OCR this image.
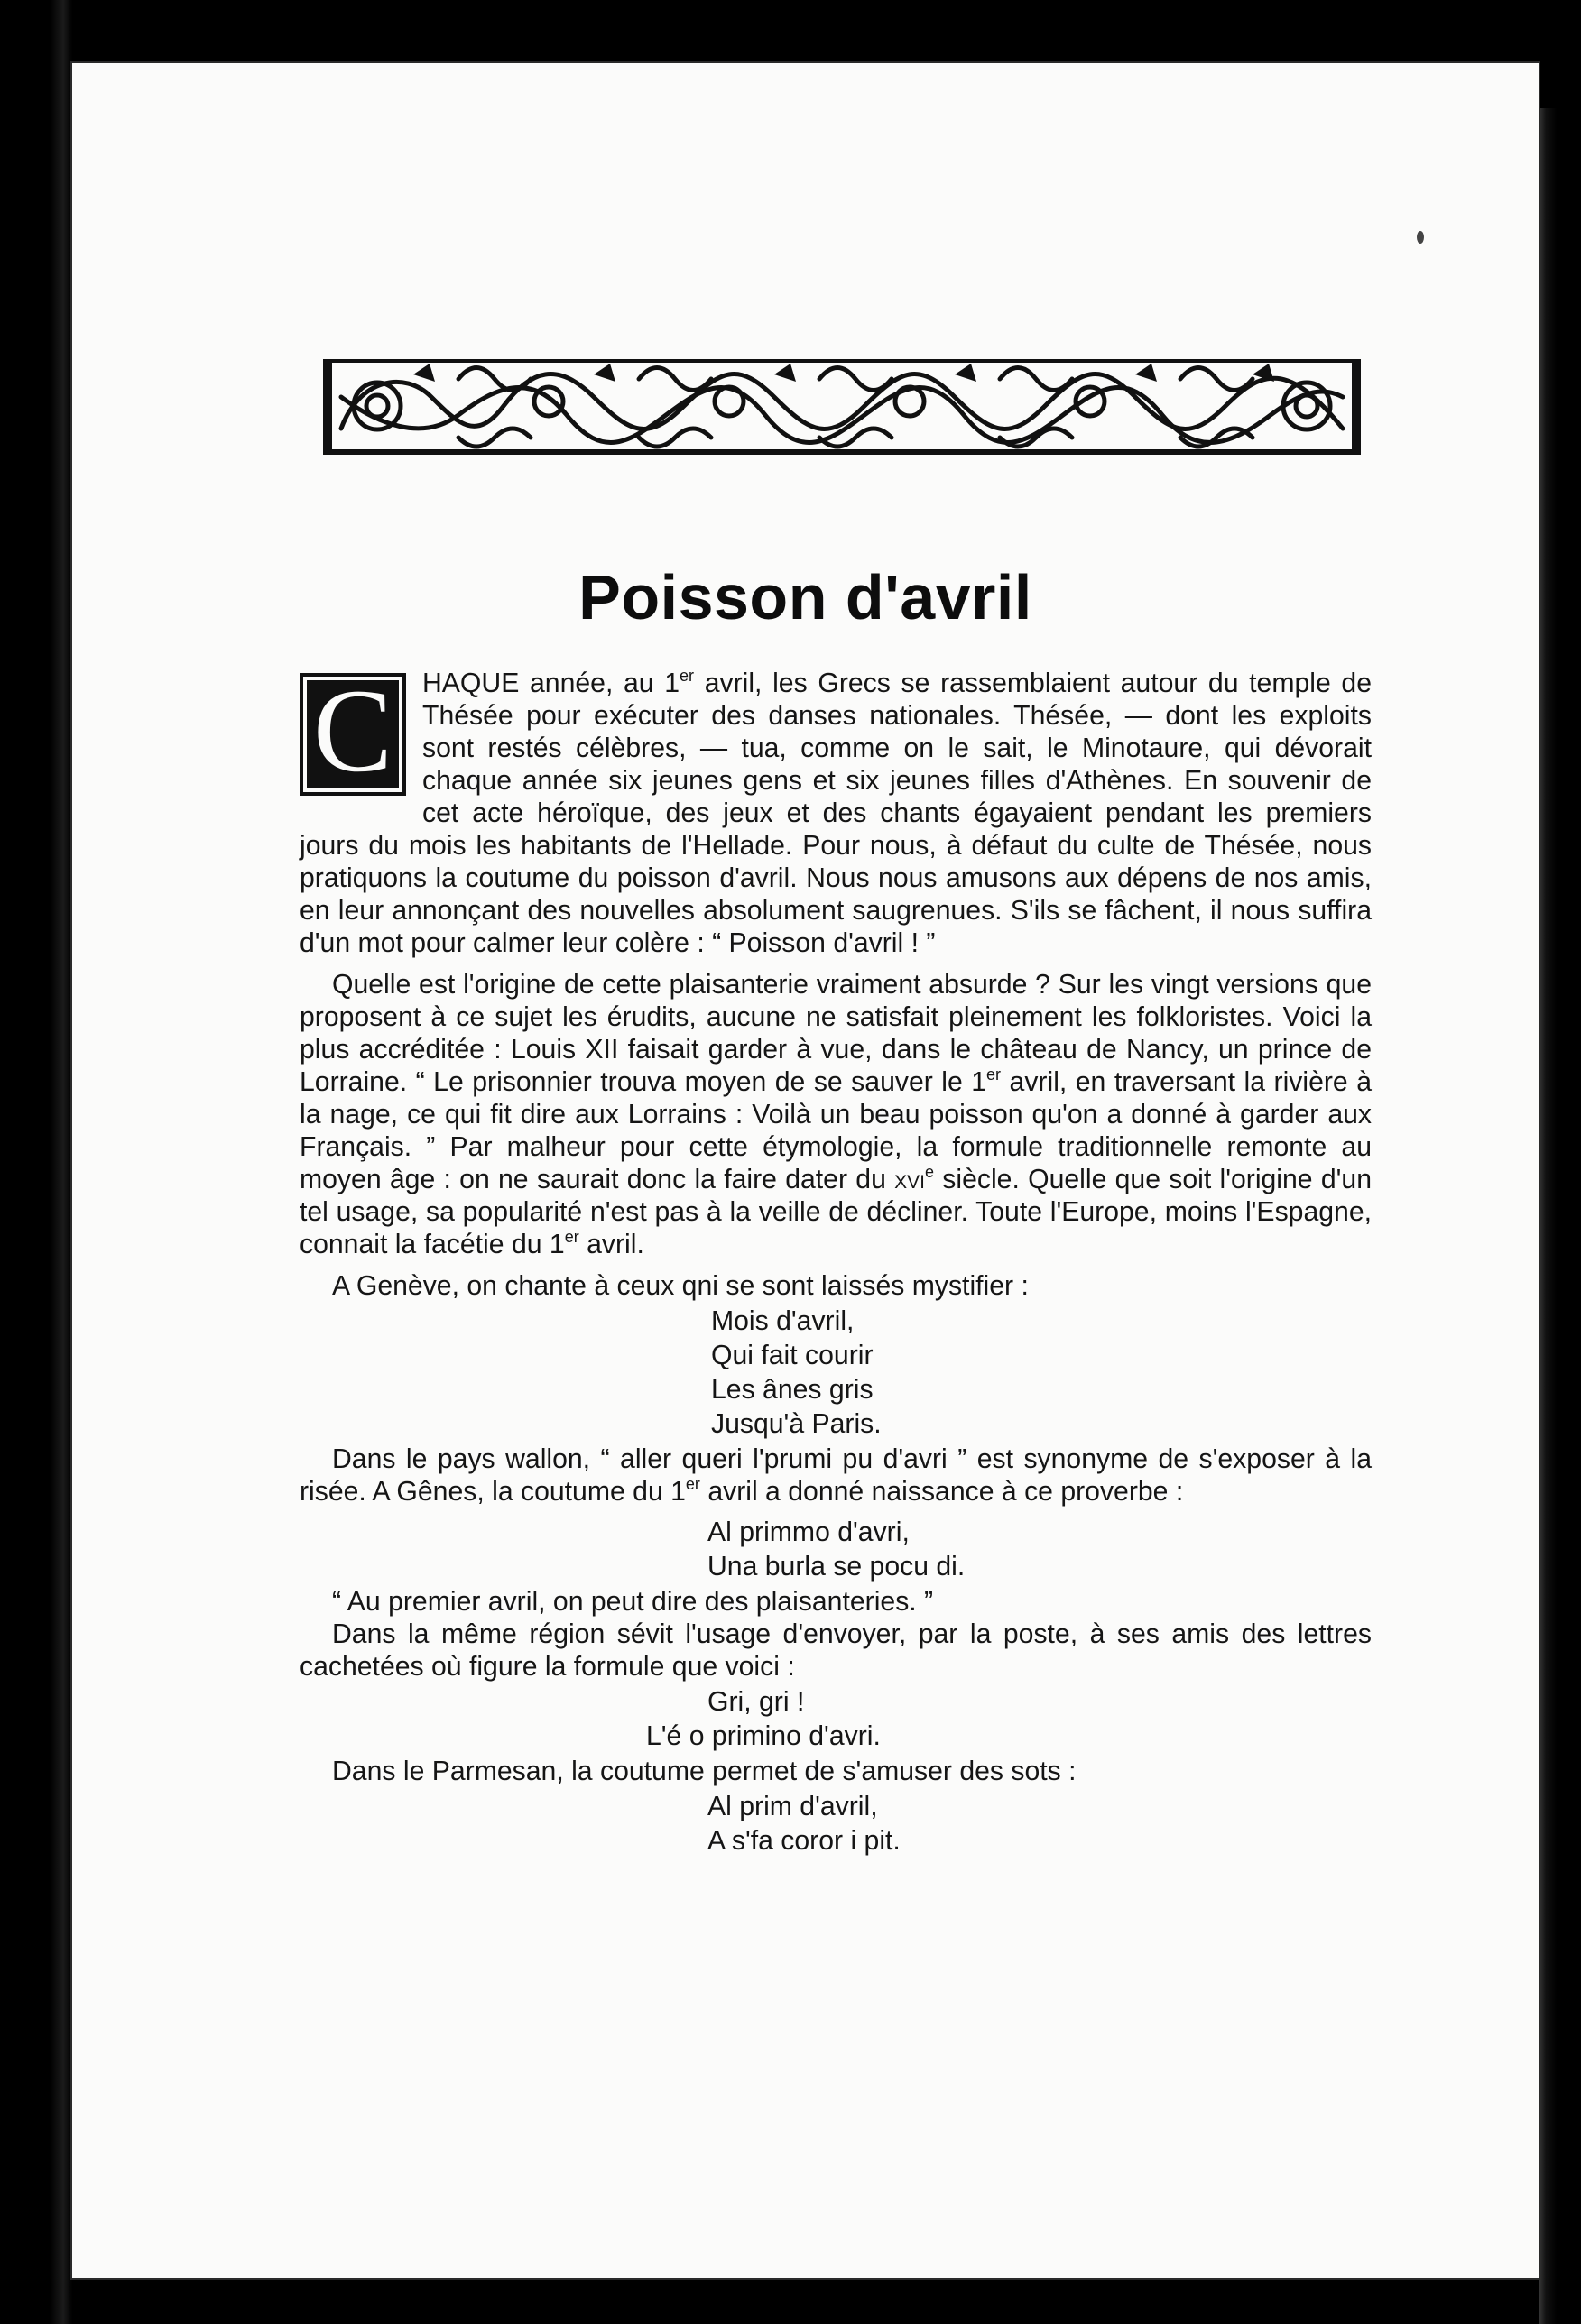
Poisson d'avril

C	HAQUE année, au 1er avril, les Grecs se rassemblaient autour du temple de Thésée pour exécuter des danses nationales. Thésée, — dont les exploits sont restés célèbres, — tua, comme on le sait, le Minotaure, qui dévorait chaque année six jeunes gens et six jeunes filles d'Athènes. En souvenir de cet acte héroïque, des jeux et des chants égayaient pendant les premiers jours du mois les habitants de l'Hellade. Pour nous, à défaut du culte de Thésée, nous pratiquons la coutume du poisson d'avril. Nous nous amusons aux dépens de nos amis, en leur annonçant des nouvelles absolument saugrenues. S'ils se fâchent, il nous suffira d'un mot pour calmer leur colère : “ Poisson d'avril ! ”

Quelle est l'origine de cette plaisanterie vraiment absurde ? Sur les vingt versions que proposent à ce sujet les érudits, aucune ne satisfait pleinement les folkloristes. Voici la plus accréditée : Louis XII faisait garder à vue, dans le château de Nancy, un prince de Lorraine. “ Le prisonnier trouva moyen de se sauver le 1er avril, en traversant la rivière à la nage, ce qui fit dire aux Lorrains : Voilà un beau poisson qu'on a donné à garder aux Français. ” Par malheur pour cette étymologie, la formule traditionnelle remonte au moyen âge : on ne saurait donc la faire dater du xvi$^e$ siècle. Quelle que soit l'origine d'un tel usage, sa popularité n'est pas à la veille de décliner. Toute l'Europe, moins l'Espagne, connait la facétie du 1er avril.

A Genève, on chante à ceux qni se sont laissés mystifier :

Mois d'avril,
Qui fait courir
Les ânes gris
Jusqu'à Paris.

Dans le pays wallon, “ aller queri l'prumi pu d'avri ” est synonyme de s'exposer à la risée. A Gênes, la coutume du 1er avril a donné naissance à ce proverbe :

Al primmo d'avri,
Una burla se pocu di.

“ Au premier avril, on peut dire des plaisanteries. ”

Dans la même région sévit l'usage d'envoyer, par la poste, à ses amis des lettres cachetées où figure la formule que voici :

Gri, gri !
L'é o primino d'avri.

Dans le Parmesan, la coutume permet de s'amuser des sots :

Al prim d'avril,
A s'fa coror i pit.
